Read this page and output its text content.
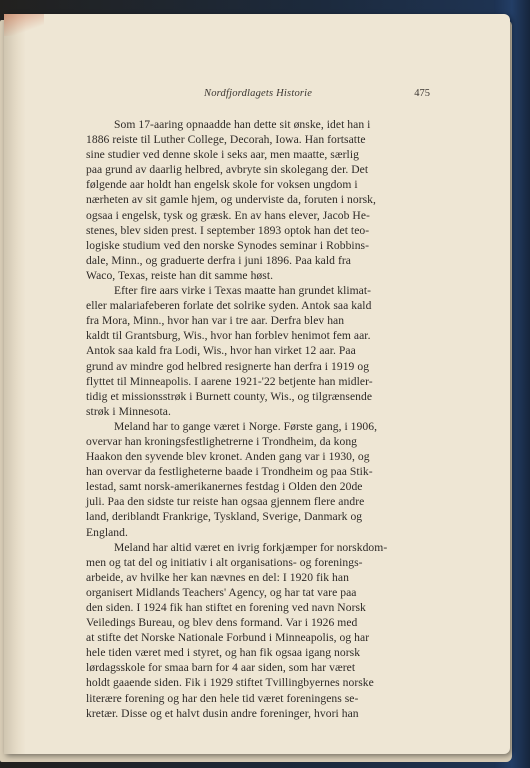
Nordfjordlagets Historie	475

Som 17-aaring opnaadde han dette sit ønske, idet han i
1886 reiste til Luther College, Decorah, Iowa. Han fortsatte
sine studier ved denne skole i seks aar, men maatte, særlig
paa grund av daarlig helbred, avbryte sin skolegang der. Det
følgende aar holdt han engelsk skole for voksen ungdom i
nærheten av sit gamle hjem, og underviste da, foruten i norsk,
ogsaa i engelsk, tysk og græsk. En av hans elever, Jacob He-
stenes, blev siden prest. I september 1893 optok han det teo-
logiske studium ved den norske Synodes seminar i Robbins-
dale, Minn., og graduerte derfra i juni 1896. Paa kald fra
Waco, Texas, reiste han dit samme høst.

Efter fire aars virke i Texas maatte han grundet klimat-
eller malariafeberen forlate det solrike syden. Antok saa kald
fra Mora, Minn., hvor han var i tre aar. Derfra blev han
kaldt til Grantsburg, Wis., hvor han forblev henimot fem aar.
Antok saa kald fra Lodi, Wis., hvor han virket 12 aar. Paa
grund av mindre god helbred resignerte han derfra i 1919 og
flyttet til Minneapolis. I aarene 1921-'22 betjente han midler-
tidig et missionsstrøk i Burnett county, Wis., og tilgrænsende
strøk i Minnesota.

Meland har to gange været i Norge. Første gang, i 1906,
overvar han kroningsfestlighetrerne i Trondheim, da kong
Haakon den syvende blev kronet. Anden gang var i 1930, og
han overvar da festligheterne baade i Trondheim og paa Stik-
lestad, samt norsk-amerikanernes festdag i Olden den 20de
juli. Paa den sidste tur reiste han ogsaa gjennem flere andre
land, deriblandt Frankrige, Tyskland, Sverige, Danmark og
England.

Meland har altid været en ivrig forkjæmper for norskdom-
men og tat del og initiativ i alt organisations- og forenings-
arbeide, av hvilke her kan nævnes en del: I 1920 fik han
organisert Midlands Teachers' Agency, og har tat vare paa
den siden. I 1924 fik han stiftet en forening ved navn Norsk
Veiledings Bureau, og blev dens formand. Var i 1926 med
at stifte det Norske Nationale Forbund i Minneapolis, og har
hele tiden været med i styret, og han fik ogsaa igang norsk
lørdagsskole for smaa barn for 4 aar siden, som har været
holdt gaaende siden. Fik i 1929 stiftet Tvillingbyernes norske
literære forening og har den hele tid været foreningens se-
kretær. Disse og et halvt dusin andre foreninger, hvori han
